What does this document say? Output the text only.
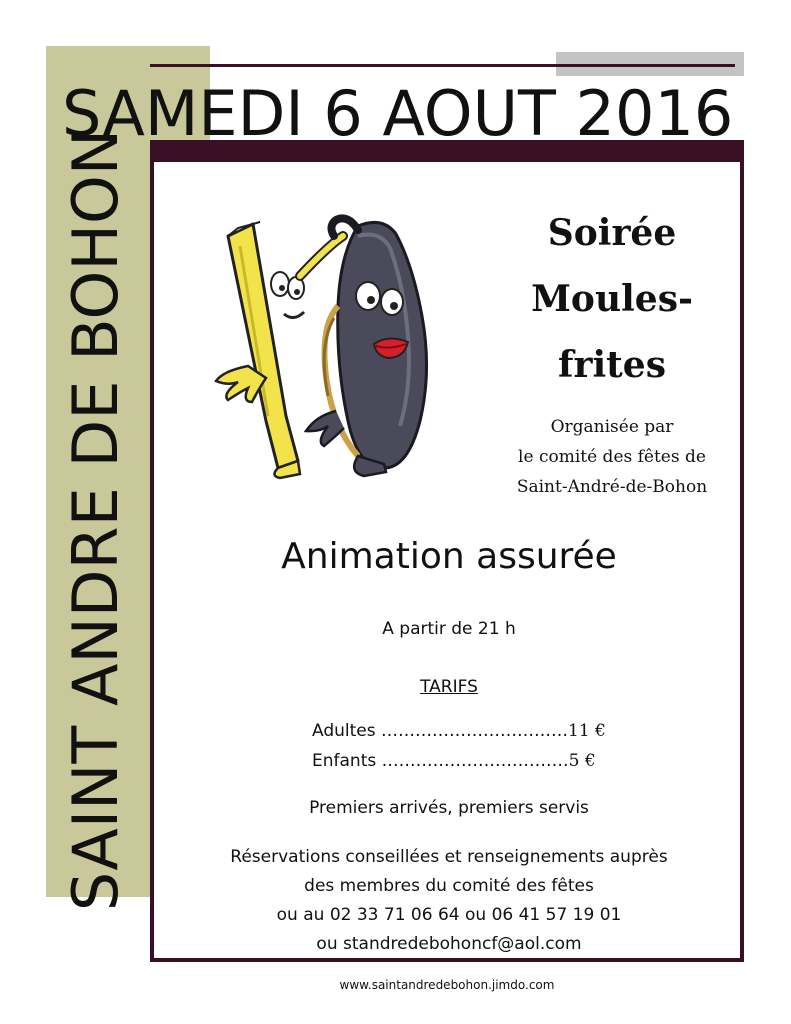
SAMEDI 6 AOUT 2016
SAINT ANDRE DE BOHON	Soirée
Moules-
frites
Organisée par
le comité des fêtes de
Saint-André-de-Bohon
Animation assurée
A partir de 21 h
TARIFS
Adultes ……………………………11 €
Enfants ……………………………5 €
Premiers arrivés, premiers servis
Réservations conseillées et renseignements auprès
des membres du comité des fêtes
ou au 02 33 71 06 64 ou 06 41 57 19 01
ou standredebohoncf@aol.com
www.saintandredebohon.jimdo.com
